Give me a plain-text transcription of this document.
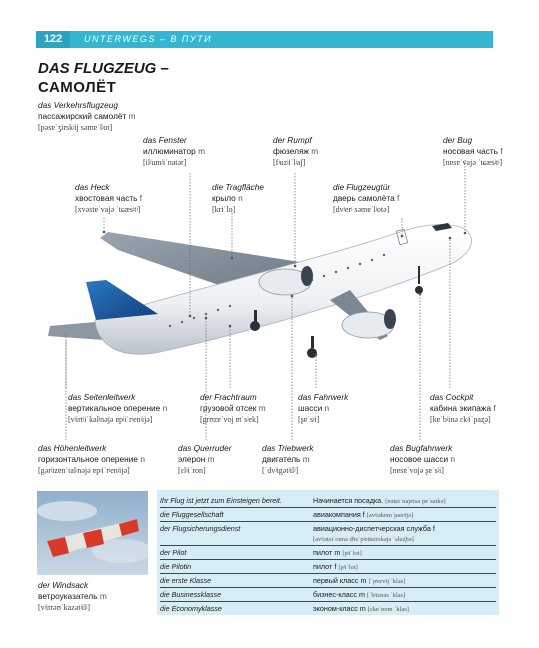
122	UNTERWEGS – В ПУТИ
DAS FLUGZEUG –
САМОЛЁТ
das Verkehrsflugzeug
пассажирский самолёт m
[pәsɐˈʒirskʲij sәmɐˈlʲot]
das Fenster
иллюминатор m
[ilʲumʲiˈnatәr]
der Rumpf
фюзеляж m
[fʲuzʲiˈlʲaʃ]
der Bug
носовая часть f
[nɐsɐˈvajә ˈtɕæsʲtʲ]
das Heck
хвостовая часть f
[xvәstɐˈvajә ˈtɕæsʲtʲ]
die Tragfläche
крыло n
[krɨˈlo]
die Flugzeugtür
дверь самолёта f
[dvʲerʲ sәmɐˈlʲotә]
das Seitenleitwerk
вертикальное оперение n
[vʲirtʲiˈkalʲnәjә ɐpʲiˈrʲenʲijә]
der Frachtraum
грузовой отсек m
[grʊzɐˈvoj ɐtˈsʲek]
das Fahrwerk
шасси n
[ʂɐˈsʲi]
das Cockpit
кабина экипажа f
[kɐˈbʲinә ɛkʲiˈpaʐә]
das Höhenleitwerk
горизонтальное оперение n
[gәrʲizɐnˈtalʲnәjә ɐpʲiˈrʲenʲijә]
das Querruder
элерон m
[ɛlʲiˈron]
das Triebwerk
двигатель m
[ˈdvʲigәtʲilʲ]
das Bugfahrwerk
носовое шасси n
[nɐsɐˈvojә ʂɐˈsʲi]
der Windsack
ветроуказатель m
[vʲitrәʊˈkazәtʲilʲ]
Ihr Flug ist jetzt zum Einsteigen bereit.	Начинается посадка. [nәtɕiˈnajetsә pɐˈsatkә]
die Fluggesellschaft	авиакомпания f [avʲiәkɐmˈpanʲijә]
der Flugsicherungsdienst	авиационно-диспетчерская служба f
[avʲiәtsɨˈonnә dʲisˈpʲettɕirskәjә ˈsluʐbә]
der Pilot	пилот m [pʲiˈlot]
die Pilotin	пилот f [pʲiˈlot]
die erste Klasse	первый класс m [ˈpʲervɨj ˈklas]
die Businessklasse	бизнес-класс m [ˈbʲiznәs ˈklas]
die Economyklasse	эконом-класс m [ɛkɐˈnom ˈklas]
